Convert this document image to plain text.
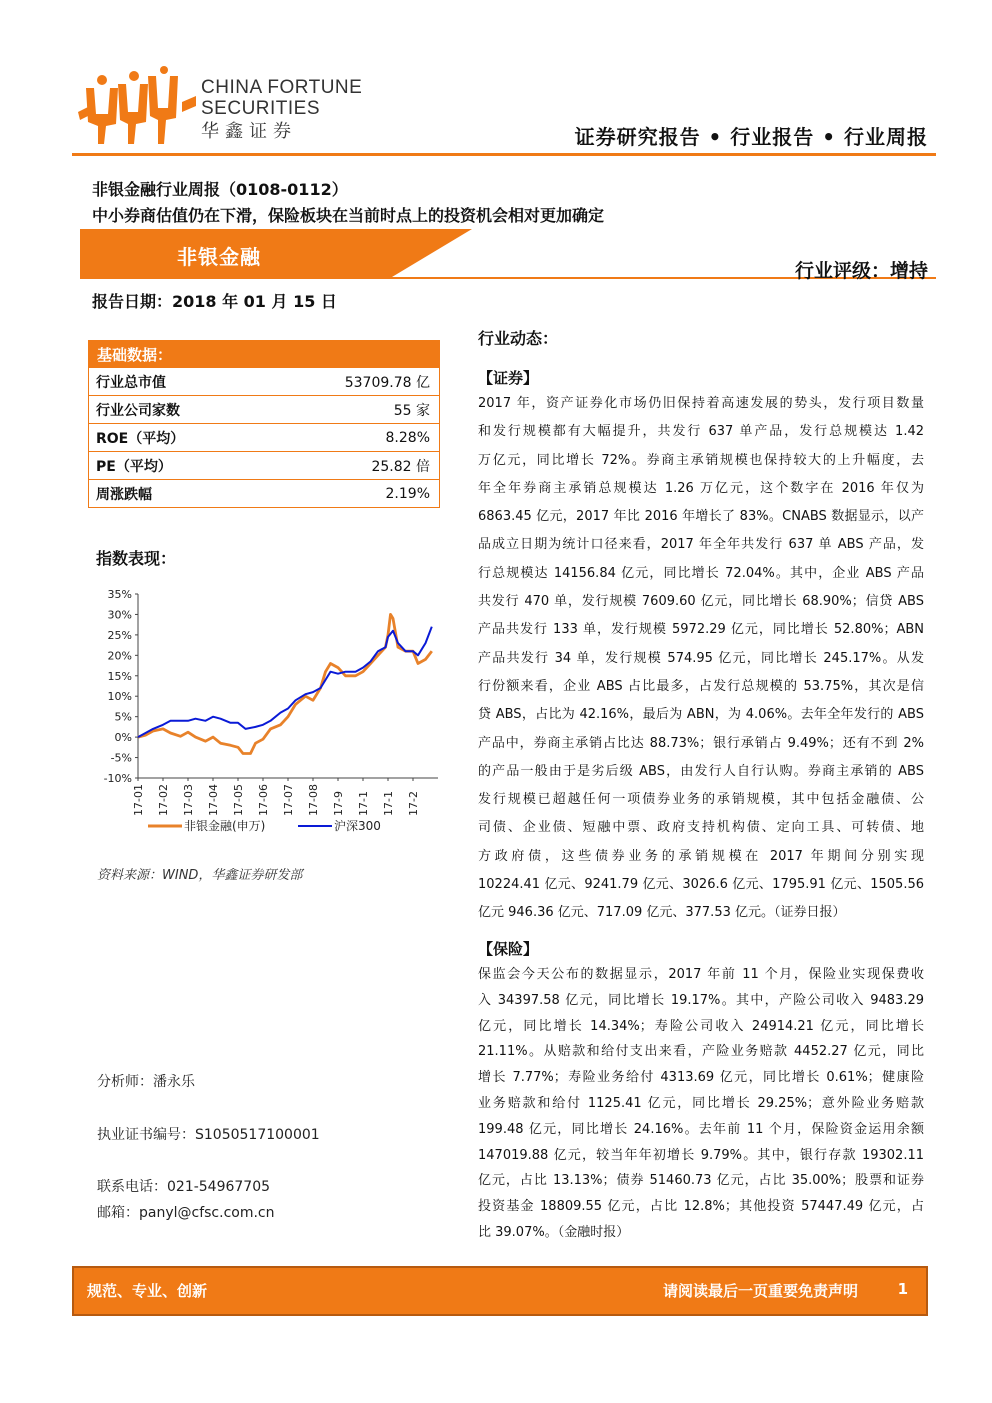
CHINA FORTUNE
SECURITIES
华鑫证券	证券研究报告 • 行业报告 • 行业周报
非银金融行业周报（0108-0112）
中小券商估值仍在下滑，保险板块在当前时点上的投资机会相对更加确定
非银金融
行业评级：增持
报告日期：2018 年 01 月 15 日
基础数据：
行业总市值	53709.78 亿
行业公司家数	55 家
ROE（平均）	8.28%
PE（平均）	25.82 倍
周涨跌幅	2.19%
指数表现：
35%
30%
25%
20%
15%
10%
5%
0%
-5%
-10%
17-01 17-02 17-03 17-04 17-05 17-06 17-07 17-08 17-9 17-1 17-1 17-2
非银金融(申万)	沪深300
资料来源：WIND，华鑫证券研发部
分析师：潘永乐
执业证书编号：S1050517100001
联系电话：021-54967705
邮箱：panyl@cfsc.com.cn
行业动态：
【证券】
2017 年，资产证券化市场仍旧保持着高速发展的势头，发行项目数量
和发行规模都有大幅提升，共发行 637 单产品，发行总规模达 1.42
万亿元，同比增长 72%。券商主承销规模也保持较大的上升幅度，去
年全年券商主承销总规模达 1.26 万亿元，这个数字在 2016 年仅为
6863.45 亿元，2017 年比 2016 年增长了 83%。CNABS 数据显示，以产
品成立日期为统计口径来看，2017 年全年共发行 637 单 ABS 产品，发
行总规模达 14156.84 亿元，同比增长 72.04%。其中，企业 ABS 产品
共发行 470 单，发行规模 7609.60 亿元，同比增长 68.90%；信贷 ABS
产品共发行 133 单，发行规模 5972.29 亿元，同比增长 52.80%；ABN
产品共发行 34 单，发行规模 574.95 亿元，同比增长 245.17%。从发
行份额来看，企业 ABS 占比最多，占发行总规模的 53.75%，其次是信
贷 ABS，占比为 42.16%，最后为 ABN，为 4.06%。去年全年发行的 ABS
产品中，券商主承销占比达 88.73%；银行承销占 9.49%；还有不到 2%
的产品一般由于是劣后级 ABS，由发行人自行认购。券商主承销的 ABS
发行规模已超越任何一项债券业务的承销规模，其中包括金融债、公
司债、企业债、短融中票、政府支持机构债、定向工具、可转债、地
方政府债，这些债券业务的承销规模在 2017 年期间分别实现
10224.41 亿元、9241.79 亿元、3026.6 亿元、1795.91 亿元、1505.56
亿元 946.36 亿元、717.09 亿元、377.53 亿元。（证券日报）
【保险】
保监会今天公布的数据显示，2017 年前 11 个月，保险业实现保费收
入 34397.58 亿元，同比增长 19.17%。其中，产险公司收入 9483.29
亿元，同比增长 14.34%；寿险公司收入 24914.21 亿元，同比增长
21.11%。从赔款和给付支出来看，产险业务赔款 4452.27 亿元，同比
增长 7.77%；寿险业务给付 4313.69 亿元，同比增长 0.61%；健康险
业务赔款和给付 1125.41 亿元，同比增长 29.25%；意外险业务赔款
199.48 亿元，同比增长 24.16%。去年前 11 个月，保险资金运用余额
147019.88 亿元，较当年年初增长 9.79%。其中，银行存款 19302.11
亿元，占比 13.13%；债券 51460.73 亿元，占比 35.00%；股票和证券
投资基金 18809.55 亿元，占比 12.8%；其他投资 57447.49 亿元，占
比 39.07%。（金融时报）
规范、专业、创新	请阅读最后一页重要免责声明	1
